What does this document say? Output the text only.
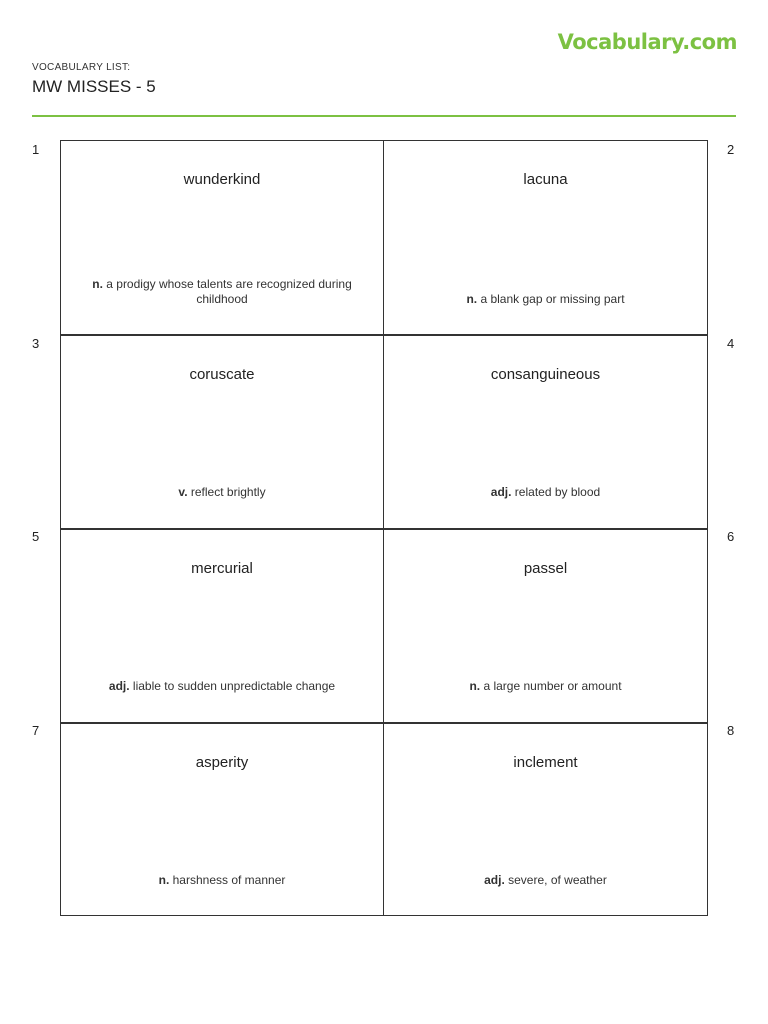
VOCABULARY LIST:
MW MISSES - 5
Vocabulary.com
1	2
3	4
5	6
7	8
wunderkind
n. a prodigy whose talents are recognized during childhood
lacuna
n. a blank gap or missing part
coruscate
v. reflect brightly
consanguineous
adj. related by blood
mercurial
adj. liable to sudden unpredictable change
passel
n. a large number or amount
asperity
n. harshness of manner
inclement
adj. severe, of weather
